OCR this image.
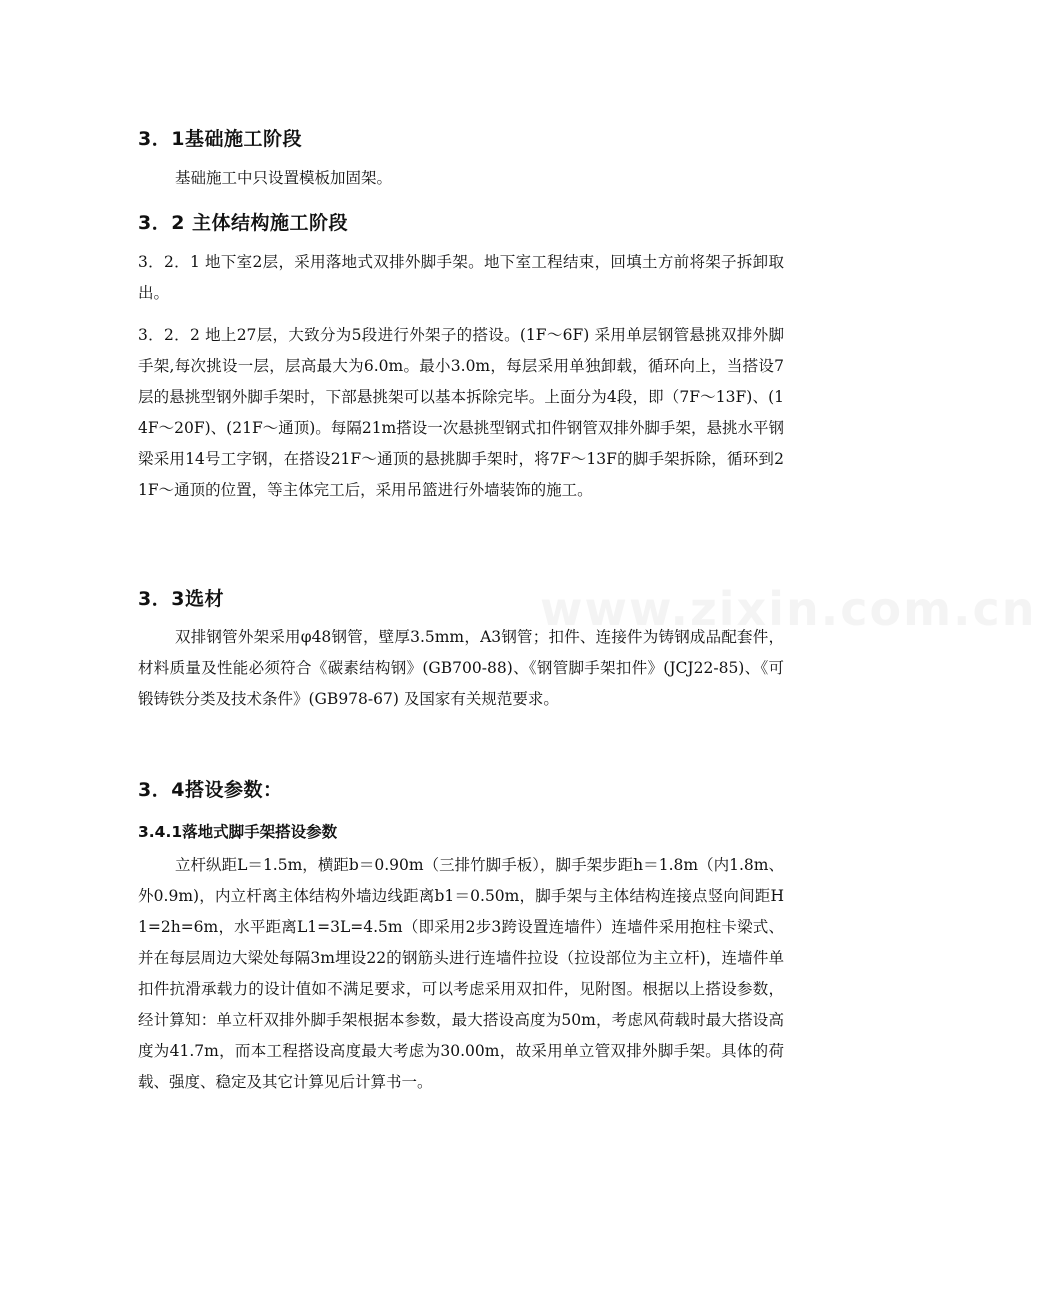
www.zixin.com.cn
3．1基础施工阶段

基础施工中只设置模板加固架。

3．2 主体结构施工阶段

3．2．1 地下室2层，采用落地式双排外脚手架。地下室工程结束，回填土方前将架子拆卸取出。

3．2．2 地上27层，大致分为5段进行外架子的搭设。(1F～6F) 采用单层钢管悬挑双排外脚手架,每次挑设一层，层高最大为6.0m。最小3.0m，每层采用单独卸载，循环向上，当搭设7层的悬挑型钢外脚手架时，下部悬挑架可以基本拆除完毕。上面分为4段，即（7F～13F)、(14F～20F)、(21F～通顶)。每隔21m搭设一次悬挑型钢式扣件钢管双排外脚手架，悬挑水平钢梁采用14号工字钢，在搭设21F～通顶的悬挑脚手架时，将7F～13F的脚手架拆除，循环到21F～通顶的位置，等主体完工后，采用吊篮进行外墙装饰的施工。

3．3选材

双排钢管外架采用φ48钢管，壁厚3.5mm，A3钢管；扣件、连接件为铸钢成品配套件，材料质量及性能必须符合《碳素结构钢》(GB700-88)、《钢管脚手架扣件》(JCJ22-85)、《可锻铸铁分类及技术条件》(GB978-67) 及国家有关规范要求。

3．4搭设参数：
3.4.1落地式脚手架搭设参数

立杆纵距L＝1.5m，横距b＝0.90m（三排竹脚手板），脚手架步距h＝1.8m（内1.8m、外0.9m)，内立杆离主体结构外墙边线距离b1＝0.50m，脚手架与主体结构连接点竖向间距H1=2h=6m，水平距离L1=3L=4.5m（即采用2步3跨设置连墙件）连墙件采用抱柱卡梁式、并在每层周边大梁处每隔3m埋设22的钢筋头进行连墙件拉设（拉设部位为主立杆)，连墙件单扣件抗滑承载力的设计值如不满足要求，可以考虑采用双扣件，见附图。根据以上搭设参数，经计算知：单立杆双排外脚手架根据本参数，最大搭设高度为50m，考虑风荷载时最大搭设高度为41.7m，而本工程搭设高度最大考虑为30.00m，故采用单立管双排外脚手架。具体的荷载、强度、稳定及其它计算见后计算书一。
